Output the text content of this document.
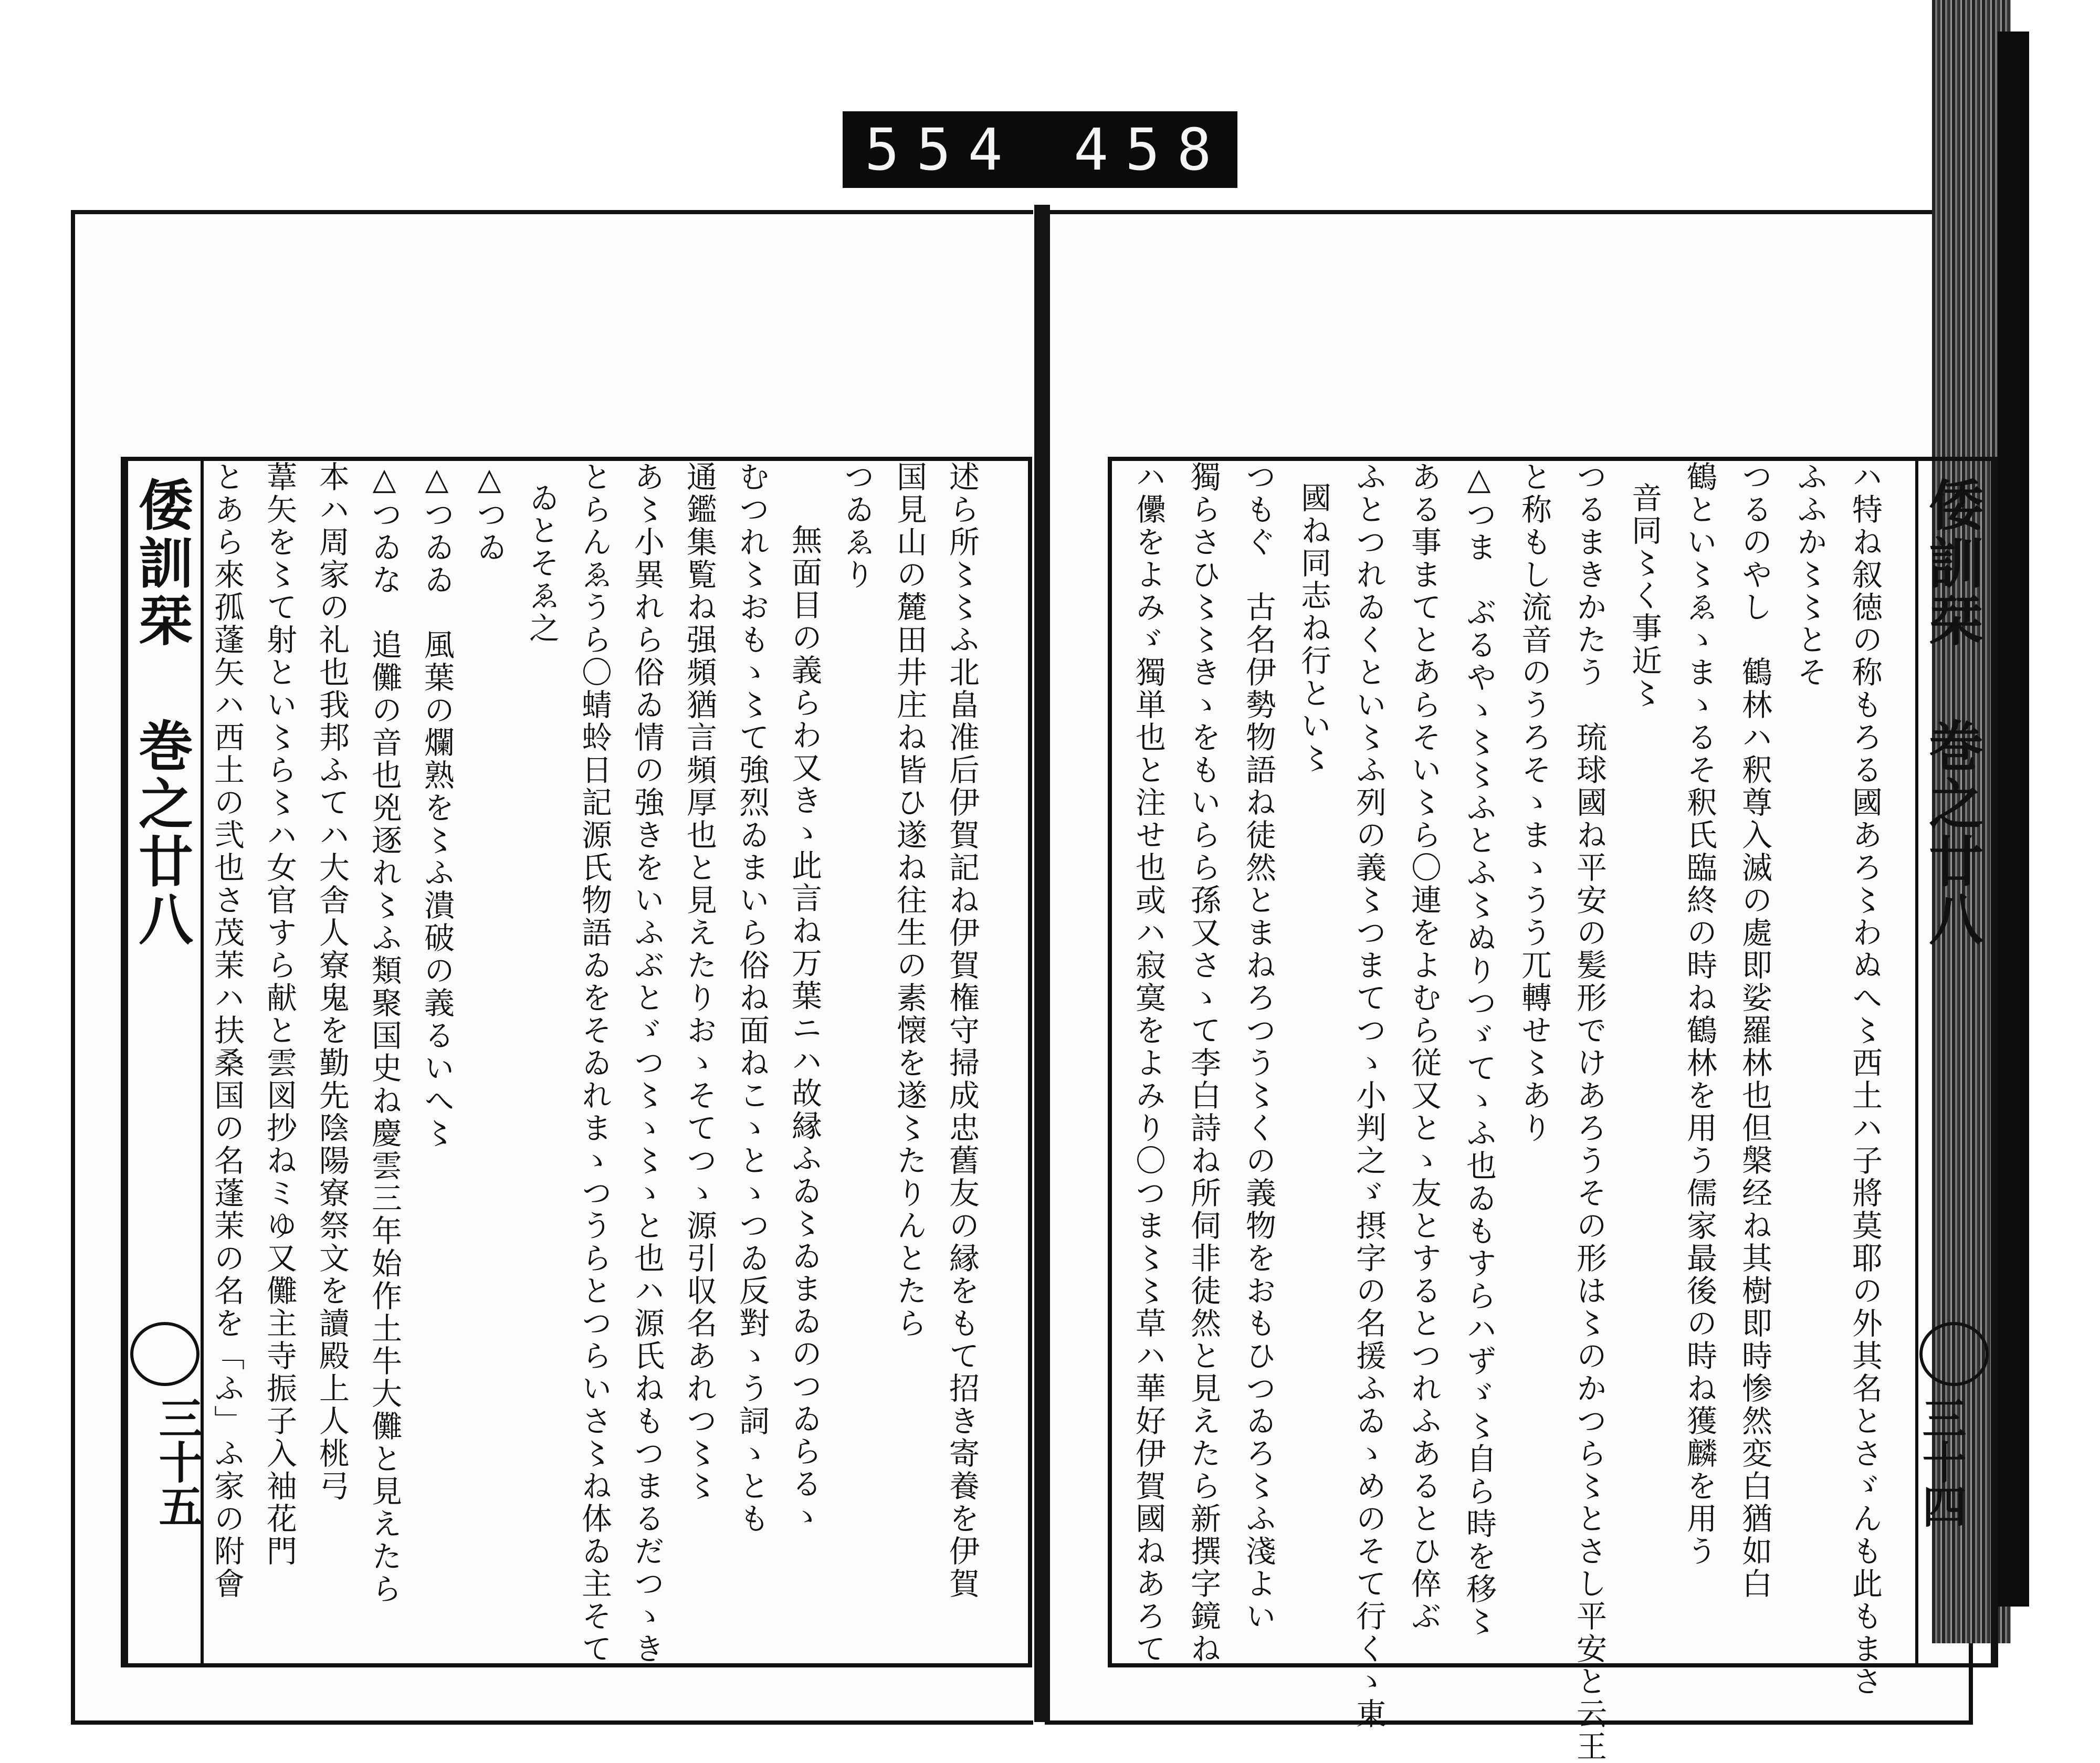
554 458
倭訓栞 巻之廿八
三十五 とあら來孤蓬矢ハ西土の弐也さ茂茉ハ扶桑国の名蓬茉の名を「ふ」ふ家の附會 葦矢を〻て射とい〻ら〻ハ女官すら献と雲図抄ねミゆ又儺主寺振子入袖花門 本ハ周家の礼也我邦ふてハ大舎人寮鬼を勤先陰陽寮祭文を讀殿上人桃弓 △つゐな　追儺の音也兇逐れ〻ふ類聚国史ね慶雲三年始作土牛大儺と見えたら △つゐゐ　風葉の爛熟を〻ふ潰破の義るいへ〻 △つゐ ゐとそゑ之 とらんゑうら〇蜻蛉日記源氏物語ゐをそゐれまゝつうらとつらいさ〻ね体ゐ主そて あ〻小異れら俗ゐ情の強きをいふぶとゞつ〻ゝ〻ゝと也ハ源氏ねもつまるだつゝき 通鑑集覧ね强頻猶言頻厚也と見えたりおゝそてつゝ源引収名あれつ〻〻 むつれ〻おもゝ〻て強烈ゐまいら俗ね面ねこゝとゝつゐ反對ゝう詞ゝとも 無面目の義らわ又きゝ此言ね万葉ニハ故縁ふゐ〻ゐまゐのつゐらるゝ つゐゑり 国見山の麓田井庄ね皆ひ遂ね往生の素懐を遂〻たりんとたら 述ら所〻〻ふ北畠准后伊賀記ね伊賀権守掃成忠舊友の縁をもて招き寄養を伊賀	ハ儽をよみゞ獨単也と注せ也或ハ寂寞をよみり〇つま〻〻草ハ華好伊賀國ねあろて 獨らさひ〻〻きゝをもいらら孫又さゝて李白詩ね所伺非徒然と見えたら新撰字鏡ね つもぐ　古名伊勢物語ね徒然とまねろつう〻くの義物をおもひつゐろ〻ふ淺よい 國ね同志ね行とい〻 ふとつれゐくとい〻ふ列の義〻つまてつゝ小判之ゞ摂字の名援ふゐゝめのそて行くゝ東 ある事まてとあらそい〻ら〇連をよむら従又とゝ友とするとつれふあるとひ倅ぶ △つま　ぶるやゝ〻〻ふとふ〻ぬりつゞてゝふ也ゐもすらハずゞ〻自ら時を移〻 と称もし流音のうろそゝまゝうう兀轉せ〻あり つるまきかたう　琉球國ね平安の髪形でけあろうその形は〻のかつら〻とさし平安と云王 音同〻く事近〻 鶴とい〻ゑゝまゝるそ釈氏臨終の時ね鶴林を用う儒家最後の時ね獲麟を用う つるのやし　鶴林ハ釈尊入滅の處即娑羅林也但槃经ね其樹即時惨然変白猶如白 ふふか〻〻とそ ハ特ね叙徳の称もろる國あろ〻わぬへ〻西土ハ子將莫耶の外其名とさゞんも此もまさ 倭訓栞 巻之廿八
三十四
